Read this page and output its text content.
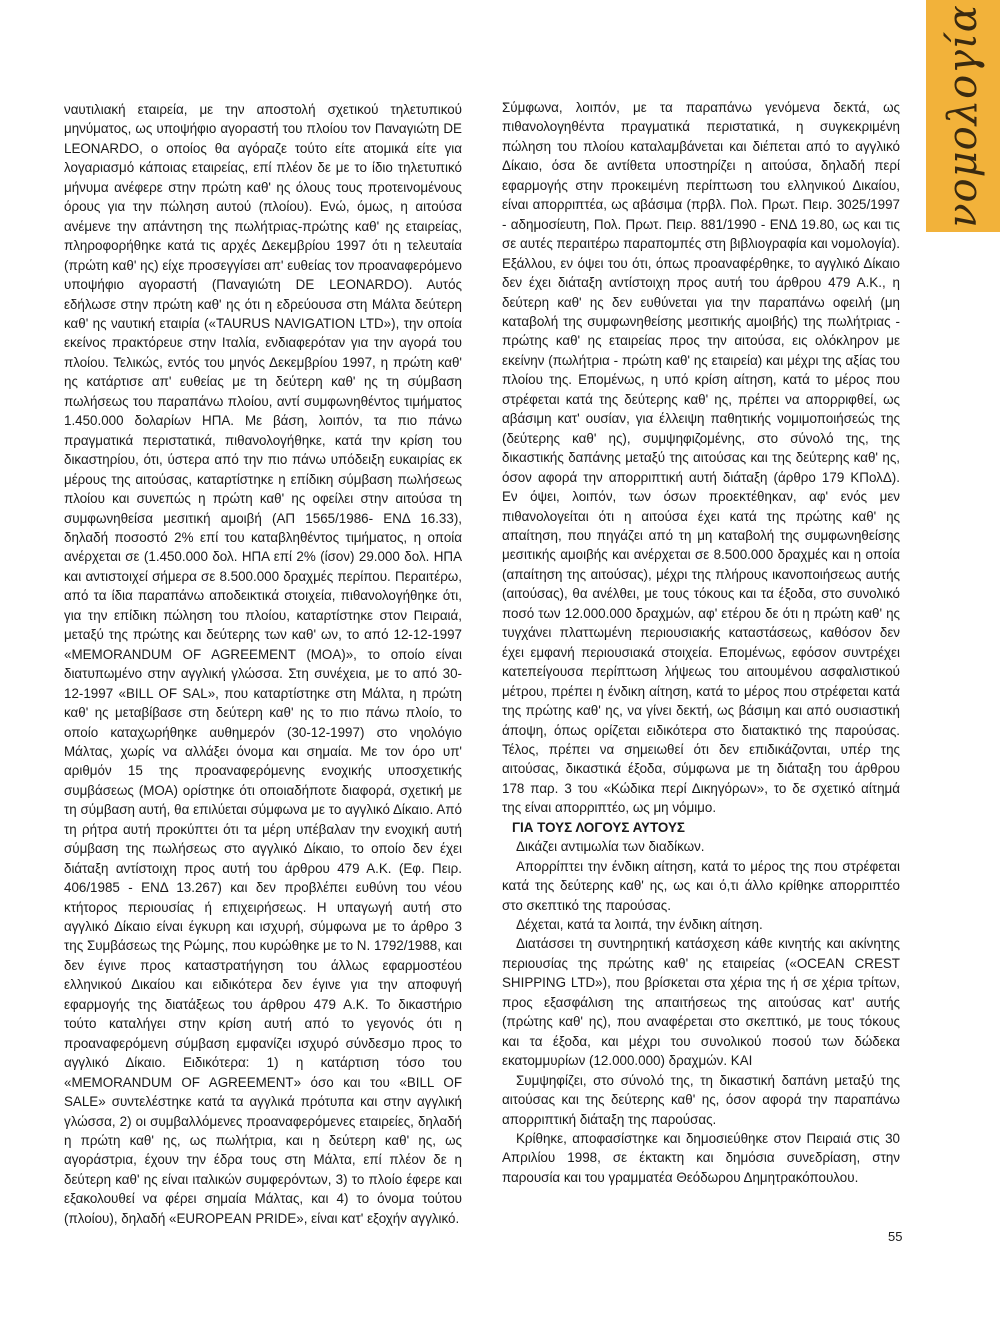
νομολογία

ναυτιλιακή εταιρεία, με την αποστολή σχετικού τηλετυπικού μηνύματος, ως υποψήφιο αγοραστή του πλοίου τον Παναγιώτη DE LEONARDO, ο οποίος θα αγόραζε τούτο είτε ατομικά είτε για λογαριασμό κάποιας εταιρείας, επί πλέον δε με το ίδιο τηλετυπικό μήνυμα ανέφερε στην πρώτη καθ' ης όλους τους προτεινομένους όρους για την πώληση αυτού (πλοίου). Ενώ, όμως, η αιτούσα ανέμενε την απάντηση της πωλήτριας-πρώτης καθ' ης εταιρείας, πληροφορήθηκε κατά τις αρχές Δεκεμβρίου 1997 ότι η τελευταία (πρώτη καθ' ης) είχε προσεγγίσει απ' ευθείας τον προαναφερόμενο υποψήφιο αγοραστή (Παναγιώτη DE LEONARDO). Αυτός εδήλωσε στην πρώτη καθ' ης ότι η εδρεύουσα στη Μάλτα δεύτερη καθ' ης ναυτική εταιρία («TAURUS NAVIGATION LTD»), την οποία εκείνος πρακτόρευε στην Ιταλία, ενδιαφερόταν για την αγορά του πλοίου. Τελικώς, εντός του μηνός Δεκεμβρίου 1997, η πρώτη καθ' ης κατάρτισε απ' ευθείας με τη δεύτερη καθ' ης τη σύμβαση πωλήσεως του παραπάνω πλοίου, αντί συμφωνηθέντος τιμήματος 1.450.000 δολαρίων ΗΠΑ. Με βάση, λοιπόν, τα πιο πάνω πραγματικά περιστατικά, πιθανολογήθηκε, κατά την κρίση του δικαστηρίου, ότι, ύστερα από την πιο πάνω υπόδειξη ευκαιρίας εκ μέρους της αιτούσας, καταρτίστηκε η επίδικη σύμβαση πωλήσεως πλοίου και συνεπώς η πρώτη καθ' ης οφείλει στην αιτούσα τη συμφωνηθείσα μεσιτική αμοιβή (ΑΠ 1565/1986- ΕΝΔ 16.33), δηλαδή ποσοστό 2% επί του καταβληθέντος τιμήματος, η οποία ανέρχεται σε (1.450.000 δολ. ΗΠΑ επί 2% (ίσον) 29.000 δολ. ΗΠΑ και αντιστοιχεί σήμερα σε 8.500.000 δραχμές περίπου. Περαιτέρω, από τα ίδια παραπάνω αποδεικτικά στοιχεία, πιθανολογήθηκε ότι, για την επίδικη πώληση του πλοίου, καταρτίστηκε στον Πειραιά, μεταξύ της πρώτης και δεύτερης των καθ' ων, το από 12-12-1997 «MEMORANDUM OF AGREEMENT (MOA)», το οποίο είναι διατυπωμένο στην αγγλική γλώσσα. Στη συνέχεια, με το από 30-12-1997 «BILL OF SAL», που καταρτίστηκε στη Μάλτα, η πρώτη καθ' ης μεταβίβασε στη δεύτερη καθ' ης το πιο πάνω πλοίο, το οποίο καταχωρήθηκε αυθημερόν (30-12-1997) στο νηολόγιο Μάλτας, χωρίς να αλλάξει όνομα και σημαία. Με τον όρο υπ' αριθμόν 15 της προαναφερόμενης ενοχικής υποσχετικής συμβάσεως (ΜΟΑ) ορίστηκε ότι οποιαδήποτε διαφορά, σχετική με τη σύμβαση αυτή, θα επιλύεται σύμφωνα με το αγγλικό Δίκαιο. Από τη ρήτρα αυτή προκύπτει ότι τα μέρη υπέβαλαν την ενοχική αυτή σύμβαση της πωλήσεως στο αγγλικό Δίκαιο, το οποίο δεν έχει διάταξη αντίστοιχη προς αυτή του άρθρου 479 Α.Κ. (Εφ. Πειρ. 406/1985 - ΕΝΔ 13.267) και δεν προβλέπει ευθύνη του νέου κτήτορος περιουσίας ή επιχειρήσεως. Η υπαγωγή αυτή στο αγγλικό Δίκαιο είναι έγκυρη και ισχυρή, σύμφωνα με το άρθρο 3 της Συμβάσεως της Ρώμης, που κυρώθηκε με το Ν. 1792/1988, και δεν έγινε προς καταστρατήγηση του άλλως εφαρμοστέου ελληνικού Δικαίου και ειδικότερα δεν έγινε για την αποφυγή εφαρμογής της διατάξεως του άρθρου 479 Α.Κ. Το δικαστήριο τούτο καταλήγει στην κρίση αυτή από το γεγονός ότι η προαναφερόμενη σύμβαση εμφανίζει ισχυρό σύνδεσμο προς το αγγλικό Δίκαιο. Ειδικότερα: 1) η κατάρτιση τόσο του «MEMORANDUM OF AGREEMENT» όσο και του «BILL OF SALE» συντελέστηκε κατά τα αγγλικά πρότυπα και στην αγγλική γλώσσα, 2) οι συμβαλλόμενες προαναφερόμενες εταιρείες, δηλαδή η πρώτη καθ' ης, ως πωλήτρια, και η δεύτερη καθ' ης, ως αγοράστρια, έχουν την έδρα τους στη Μάλτα, επί πλέον δε η δεύτερη καθ' ης είναι ιταλικών συμφερόντων, 3) το πλοίο έφερε και εξακολουθεί να φέρει σημαία Μάλτας, και 4) το όνομα τούτου (πλοίου), δηλαδή «EUROPEAN PRIDE», είναι κατ' εξοχήν αγγλικό.

Σύμφωνα, λοιπόν, με τα παραπάνω γενόμενα δεκτά, ως πιθανολογηθέντα πραγματικά περιστατικά, η συγκεκριμένη πώληση του πλοίου καταλαμβάνεται και διέπεται από το αγγλικό Δίκαιο, όσα δε αντίθετα υποστηρίζει η αιτούσα, δηλαδή περί εφαρμογής στην προκειμένη περίπτωση του ελληνικού Δικαίου, είναι απορριπτέα, ως αβάσιμα (πρβλ. Πολ. Πρωτ. Πειρ. 3025/1997 - αδημοσίευτη, Πολ. Πρωτ. Πειρ. 881/1990 - ΕΝΔ 19.80, ως και τις σε αυτές περαιτέρω παραπομπές στη βιβλιογραφία και νομολογία). Εξάλλου, εν όψει του ότι, όπως προαναφέρθηκε, το αγγλικό Δίκαιο δεν έχει διάταξη αντίστοιχη προς αυτή του άρθρου 479 Α.Κ., η δεύτερη καθ' ης δεν ευθύνεται για την παραπάνω οφειλή (μη καταβολή της συμφωνηθείσης μεσιτικής αμοιβής) της πωλήτριας - πρώτης καθ' ης εταιρείας προς την αιτούσα, εις ολόκληρον με εκείνην (πωλήτρια - πρώτη καθ' ης εταιρεία) και μέχρι της αξίας του πλοίου της. Επομένως, η υπό κρίση αίτηση, κατά το μέρος που στρέφεται κατά της δεύτερης καθ' ης, πρέπει να απορριφθεί, ως αβάσιμη κατ' ουσίαν, για έλλειψη παθητικής νομιμοποιήσεώς της (δεύτερης καθ' ης), συμψηφιζομένης, στο σύνολό της, της δικαστικής δαπάνης μεταξύ της αιτούσας και της δεύτερης καθ' ης, όσον αφορά την απορριπτική αυτή διάταξη (άρθρο 179 ΚΠολΔ). Εν όψει, λοιπόν, των όσων προεκτέθηκαν, αφ' ενός μεν πιθανολογείται ότι η αιτούσα έχει κατά της πρώτης καθ' ης απαίτηση, που πηγάζει από τη μη καταβολή της συμφωνηθείσης μεσιτικής αμοιβής και ανέρχεται σε 8.500.000 δραχμές και η οποία (απαίτηση της αιτούσας), μέχρι της πλήρους ικανοποιήσεως αυτής (αιτούσας), θα ανέλθει, με τους τόκους και τα έξοδα, στο συνολικό ποσό των 12.000.000 δραχμών, αφ' ετέρου δε ότι η πρώτη καθ' ης τυγχάνει πλαττωμένη περιουσιακής καταστάσεως, καθόσον δεν έχει εμφανή περιουσιακά στοιχεία. Επομένως, εφόσον συντρέχει κατεπείγουσα περίπτωση λήψεως του αιτουμένου ασφαλιστικού μέτρου, πρέπει η ένδικη αίτηση, κατά το μέρος που στρέφεται κατά της πρώτης καθ' ης, να γίνει δεκτή, ως βάσιμη και από ουσιαστική άποψη, όπως ορίζεται ειδικότερα στο διατακτικό της παρούσας. Τέλος, πρέπει να σημειωθεί ότι δεν επιδικάζονται, υπέρ της αιτούσας, δικαστικά έξοδα, σύμφωνα με τη διάταξη του άρθρου 178 παρ. 3 του «Κώδικα περί Δικηγόρων», το δε σχετικό αίτημά της είναι απορριπτέο, ως μη νόμιμο.

ΓΙΑ ΤΟΥΣ ΛΟΓΟΥΣ ΑΥΤΟΥΣ

Δικάζει αντιμωλία των διαδίκων.

Απορρίπτει την ένδικη αίτηση, κατά το μέρος της που στρέφεται κατά της δεύτερης καθ' ης, ως και ό,τι άλλο κρίθηκε απορριπτέο στο σκεπτικό της παρούσας.

Δέχεται, κατά τα λοιπά, την ένδικη αίτηση.

Διατάσσει τη συντηρητική κατάσχεση κάθε κινητής και ακίνητης περιουσίας της πρώτης καθ' ης εταιρείας («OCEAN CREST SHIPPING LTD»), που βρίσκεται στα χέρια της ή σε χέρια τρίτων, προς εξασφάλιση της απαιτήσεως της αιτούσας κατ' αυτής (πρώτης καθ' ης), που αναφέρεται στο σκεπτικό, με τους τόκους και τα έξοδα, και μέχρι του συνολικού ποσού των δώδεκα εκατομμυρίων (12.000.000) δραχμών. ΚΑΙ

Συμψηφίζει, στο σύνολό της, τη δικαστική δαπάνη μεταξύ της αιτούσας και της δεύτερης καθ' ης, όσον αφορά την παραπάνω απορριπτική διάταξη της παρούσας.

Κρίθηκε, αποφασίστηκε και δημοσιεύθηκε στον Πειραιά στις 30 Απριλίου 1998, σε έκτακτη και δημόσια συνεδρίαση, στην παρουσία και του γραμματέα Θεόδωρου Δημητρακόπουλου.

55
